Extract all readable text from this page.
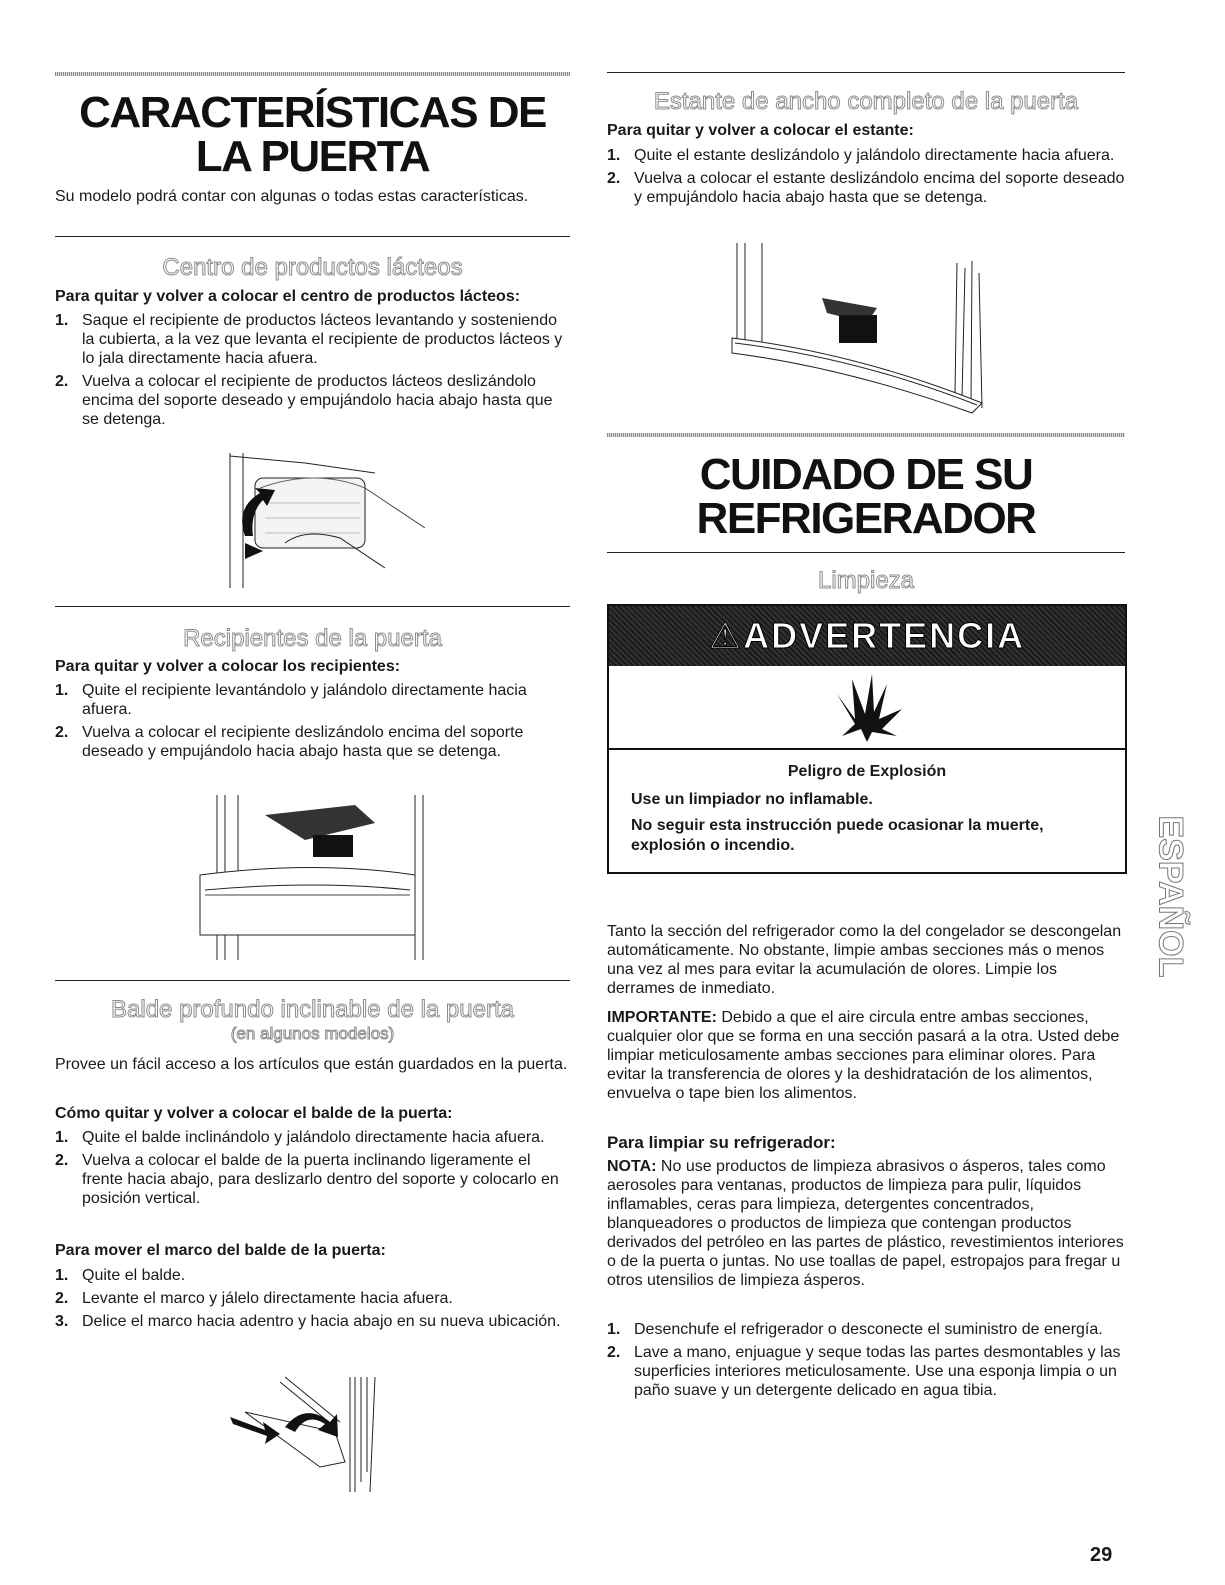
CARACTERÍSTICAS DE
LA PUERTA

Su modelo podrá contar con algunas o todas estas características.

Centro de productos lácteos

Para quitar y volver a colocar el centro de productos lácteos:

1. Saque el recipiente de productos lácteos levantando y sosteniendo la cubierta, a la vez que levanta el recipiente de productos lácteos y lo jala directamente hacia afuera.
2. Vuelva a colocar el recipiente de productos lácteos deslizándolo encima del soporte deseado y empujándolo hacia abajo hasta que se detenga.
Recipientes de la puerta

Para quitar y volver a colocar los recipientes:

1. Quite el recipiente levantándolo y jalándolo directamente hacia afuera.
2. Vuelva a colocar el recipiente deslizándolo encima del soporte deseado y empujándolo hacia abajo hasta que se detenga.
Balde profundo inclinable de la puerta
(en algunos modelos)

Provee un fácil acceso a los artículos que están guardados en la puerta.

Cómo quitar y volver a colocar el balde de la puerta:

1. Quite el balde inclinándolo y jalándolo directamente hacia afuera.
2. Vuelva a colocar el balde de la puerta inclinando ligeramente el frente hacia abajo, para deslizarlo dentro del soporte y colocarlo en posición vertical.

Para mover el marco del balde de la puerta:

1. Quite el balde.
2. Levante el marco y jálelo directamente hacia afuera.
3. Delice el marco hacia adentro y hacia abajo en su nueva ubicación.
Estante de ancho completo de la puerta

Para quitar y volver a colocar el estante:

1. Quite el estante deslizándolo y jalándolo directamente hacia afuera.
2. Vuelva a colocar el estante deslizándolo encima del soporte deseado y empujándolo hacia abajo hasta que se detenga.
CUIDADO DE SU
REFRIGERADOR
Limpieza
⚠ADVERTENCIA
Peligro de Explosión

Use un limpiador no inflamable.

No seguir esta instrucción puede ocasionar la muerte, explosión o incendio.

Tanto la sección del refrigerador como la del congelador se descongelan automáticamente. No obstante, limpie ambas secciones más o menos una vez al mes para evitar la acumulación de olores. Limpie los derrames de inmediato.

IMPORTANTE: Debido a que el aire circula entre ambas secciones, cualquier olor que se forma en una sección pasará a la otra. Usted debe limpiar meticulosamente ambas secciones para eliminar olores. Para evitar la transferencia de olores y la deshidratación de los alimentos, envuelva o tape bien los alimentos.

Para limpiar su refrigerador:

NOTA: No use productos de limpieza abrasivos o ásperos, tales como aerosoles para ventanas, productos de limpieza para pulir, líquidos inflamables, ceras para limpieza, detergentes concentrados, blanqueadores o productos de limpieza que contengan productos derivados del petróleo en las partes de plástico, revestimientos interiores o de la puerta o juntas. No use toallas de papel, estropajos para fregar u otros utensilios de limpieza ásperos.

1. Desenchufe el refrigerador o desconecte el suministro de energía.
2. Lave a mano, enjuague y seque todas las partes desmontables y las superficies interiores meticulosamente. Use una esponja limpia o un paño suave y un detergente delicado en agua tibia.
ESPAÑOL
29
